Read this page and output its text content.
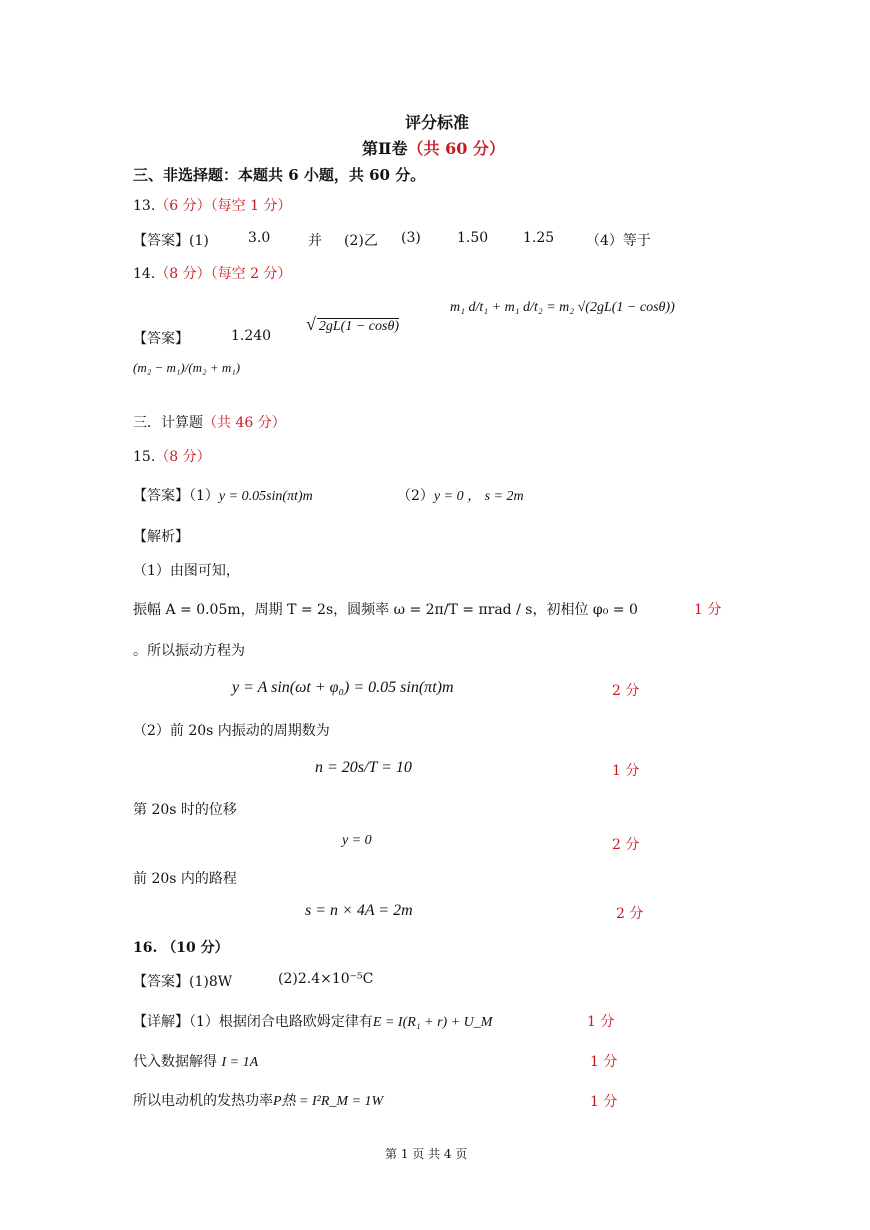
评分标准
第Ⅱ卷（共 60 分）
三、非选择题：本题共 6 小题，共 60 分。
13.（6 分）（每空 1 分）
【答案】(1)	3.0	并 (2)乙 (3)	1.50 1.25 （4）等于
14.（8 分）（每空 2 分）
【答案】	1.240
√ 2gL(1 − cosθ)
m₁ d/t₁ + m₁ d/t₂ = m₂ √(2gL(1 − cosθ))
(m₂ − m₁)/(m₂ + m₁)
三．计算题（共 46 分）
15.（8 分）
【答案】（1）y = 0.05sin(πt)m	（2）y = 0 ， s = 2m
【解析】
（1）由图可知，
振幅 A = 0.05m，周期 T = 2s，圆频率 ω = 2π/T = πrad / s，初相位 φ₀ = 0	1 分
。所以振动方程为
y = A sin(ωt + φ₀) = 0.05 sin(πt)m	2 分
（2）前 20s 内振动的周期数为
n = 20s/T = 10	1 分
第 20s 时的位移
y = 0	2 分
前 20s 内的路程
s = n × 4A = 2m	2 分
16. （10 分）
【答案】(1)8W	(2)2.4×10⁻⁵C
【详解】（1）根据闭合电路欧姆定律有E = I(R₁ + r) + U_M	1 分
代入数据解得 I = 1A	1 分
所以电动机的发热功率P热 = I²R_M = 1W	1 分
第 1 页 共 4 页
